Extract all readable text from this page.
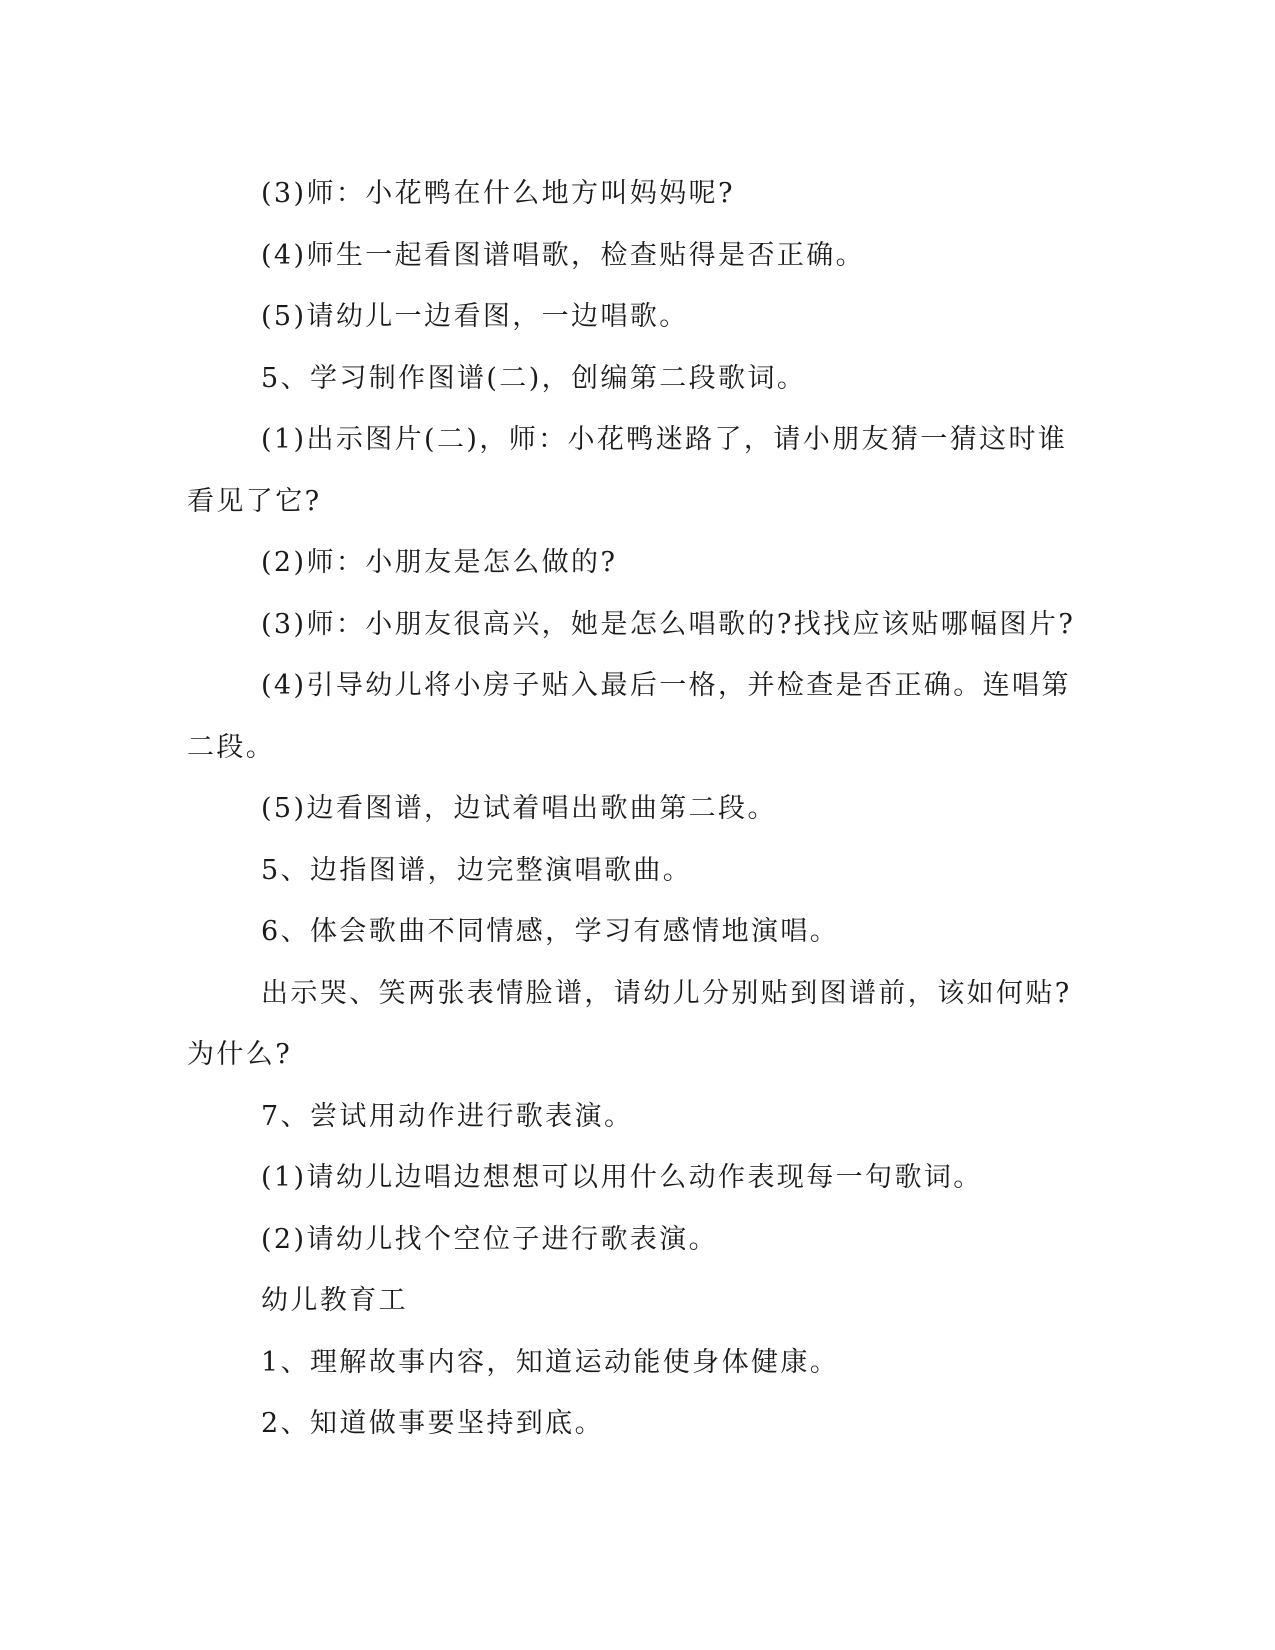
(3)师：小花鸭在什么地方叫妈妈呢?

(4)师生一起看图谱唱歌，检查贴得是否正确。

(5)请幼儿一边看图，一边唱歌。

5、学习制作图谱(二)，创编第二段歌词。

(1)出示图片(二)，师：小花鸭迷路了，请小朋友猜一猜这时谁看见了它?

(2)师：小朋友是怎么做的?

(3)师：小朋友很高兴，她是怎么唱歌的?找找应该贴哪幅图片?

(4)引导幼儿将小房子贴入最后一格，并检查是否正确。连唱第二段。

(5)边看图谱，边试着唱出歌曲第二段。

5、边指图谱，边完整演唱歌曲。

6、体会歌曲不同情感，学习有感情地演唱。

出示哭、笑两张表情脸谱，请幼儿分别贴到图谱前，该如何贴?为什么?

7、尝试用动作进行歌表演。

(1)请幼儿边唱边想想可以用什么动作表现每一句歌词。

(2)请幼儿找个空位子进行歌表演。

幼儿教育工

1、理解故事内容，知道运动能使身体健康。

2、知道做事要坚持到底。
